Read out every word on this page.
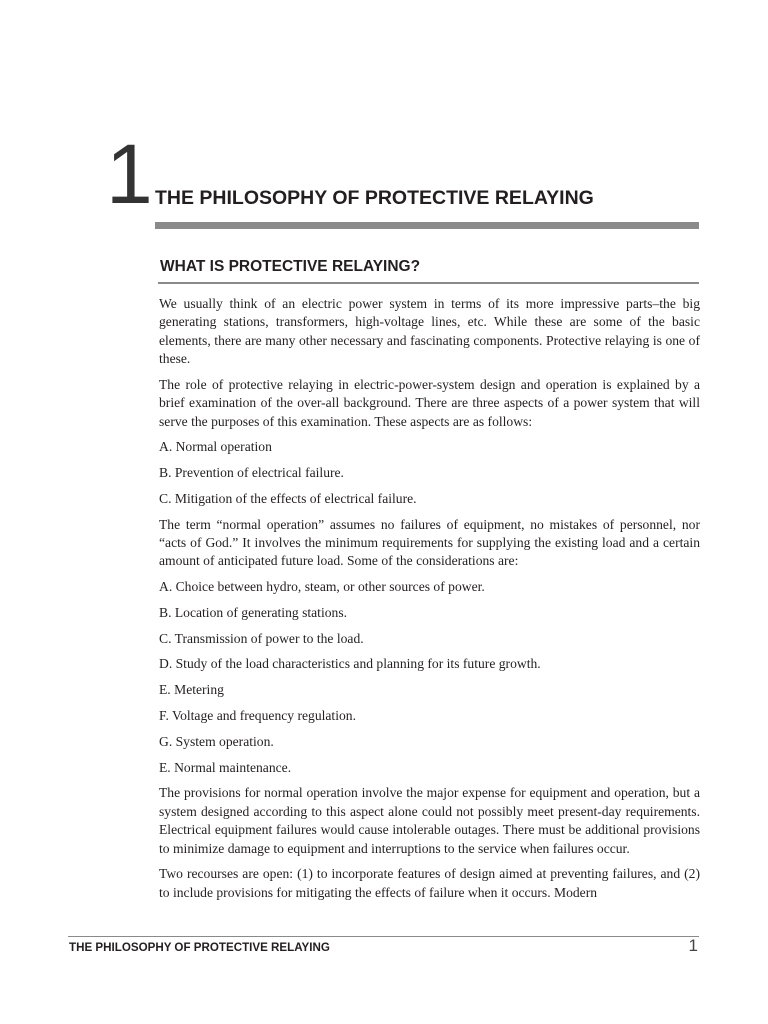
1 THE PHILOSOPHY OF PROTECTIVE RELAYING
WHAT IS PROTECTIVE RELAYING?

We usually think of an electric power system in terms of its more impressive parts–the big generating stations, transformers, high-voltage lines, etc. While these are some of the basic elements, there are many other necessary and fascinating components. Protective relaying is one of these.

The role of protective relaying in electric-power-system design and operation is explained by a brief examination of the over-all background. There are three aspects of a power system that will serve the purposes of this examination. These aspects are as follows:

A. Normal operation
B. Prevention of electrical failure.
C. Mitigation of the effects of electrical failure.

The term “normal operation” assumes no failures of equipment, no mistakes of personnel, nor “acts of God.” It involves the minimum requirements for supplying the existing load and a certain amount of anticipated future load. Some of the considerations are:

A. Choice between hydro, steam, or other sources of power.
B. Location of generating stations.
C. Transmission of power to the load.
D. Study of the load characteristics and planning for its future growth.
E. Metering
F. Voltage and frequency regulation.
G. System operation.
E. Normal maintenance.

The provisions for normal operation involve the major expense for equipment and operation, but a system designed according to this aspect alone could not possibly meet present-day requirements. Electrical equipment failures would cause intolerable outages. There must be additional provisions to minimize damage to equipment and interruptions to the service when failures occur.

Two recourses are open: (1) to incorporate features of design aimed at preventing failures, and (2) to include provisions for mitigating the effects of failure when it occurs. Modern

THE PHILOSOPHY OF PROTECTIVE RELAYING	1
